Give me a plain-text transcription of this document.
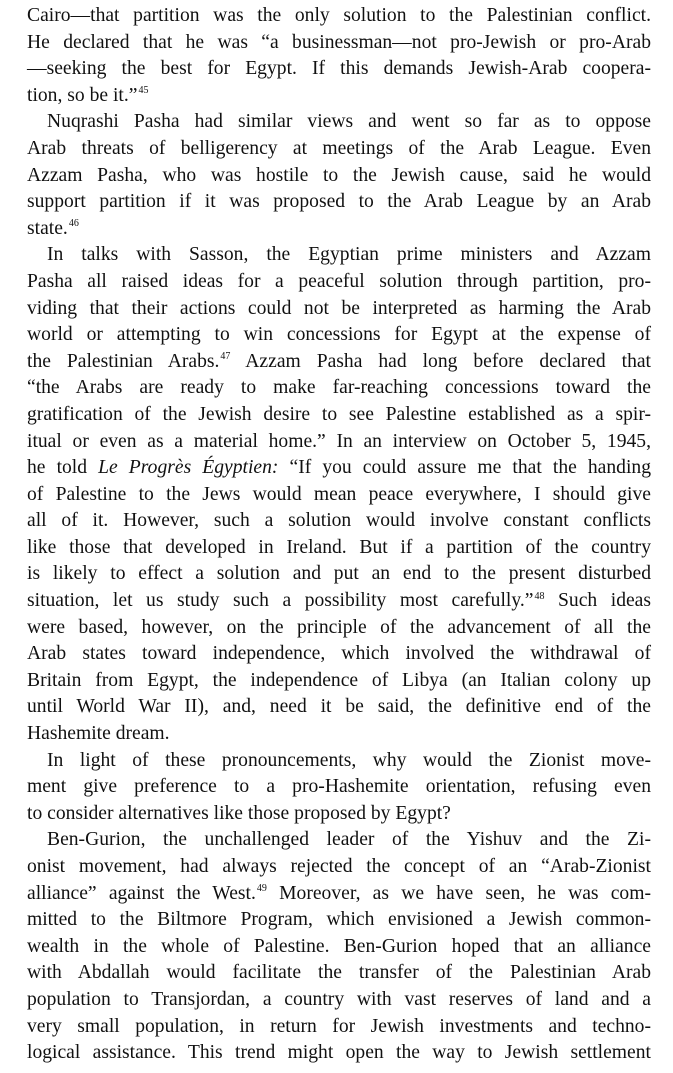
Cairo—that partition was the only solution to the Palestinian conflict.
He declared that he was “a businessman—not pro-Jewish or pro-Arab
—seeking the best for Egypt. If this demands Jewish-Arab coopera-
tion, so be it.”$^{45}$
Nuqrashi Pasha had similar views and went so far as to oppose
Arab threats of belligerency at meetings of the Arab League. Even
Azzam Pasha, who was hostile to the Jewish cause, said he would
support partition if it was proposed to the Arab League by an Arab
state.$^{46}$
In talks with Sasson, the Egyptian prime ministers and Azzam
Pasha all raised ideas for a peaceful solution through partition, pro-
viding that their actions could not be interpreted as harming the Arab
world or attempting to win concessions for Egypt at the expense of
the Palestinian Arabs.$^{47}$ Azzam Pasha had long before declared that
“the Arabs are ready to make far-reaching concessions toward the
gratification of the Jewish desire to see Palestine established as a spir-
itual or even as a material home.” In an interview on October 5, 1945,
he told Le Progrès Égyptien: “If you could assure me that the handing
of Palestine to the Jews would mean peace everywhere, I should give
all of it. However, such a solution would involve constant conflicts
like those that developed in Ireland. But if a partition of the country
is likely to effect a solution and put an end to the present disturbed
situation, let us study such a possibility most carefully.”$^{48}$ Such ideas
were based, however, on the principle of the advancement of all the
Arab states toward independence, which involved the withdrawal of
Britain from Egypt, the independence of Libya (an Italian colony up
until World War II), and, need it be said, the definitive end of the
Hashemite dream.
In light of these pronouncements, why would the Zionist move-
ment give preference to a pro-Hashemite orientation, refusing even
to consider alternatives like those proposed by Egypt?
Ben-Gurion, the unchallenged leader of the Yishuv and the Zi-
onist movement, had always rejected the concept of an “Arab-Zionist
alliance” against the West.$^{49}$ Moreover, as we have seen, he was com-
mitted to the Biltmore Program, which envisioned a Jewish common-
wealth in the whole of Palestine. Ben-Gurion hoped that an alliance
with Abdallah would facilitate the transfer of the Palestinian Arab
population to Transjordan, a country with vast reserves of land and a
very small population, in return for Jewish investments and techno-
logical assistance. This trend might open the way to Jewish settlement
